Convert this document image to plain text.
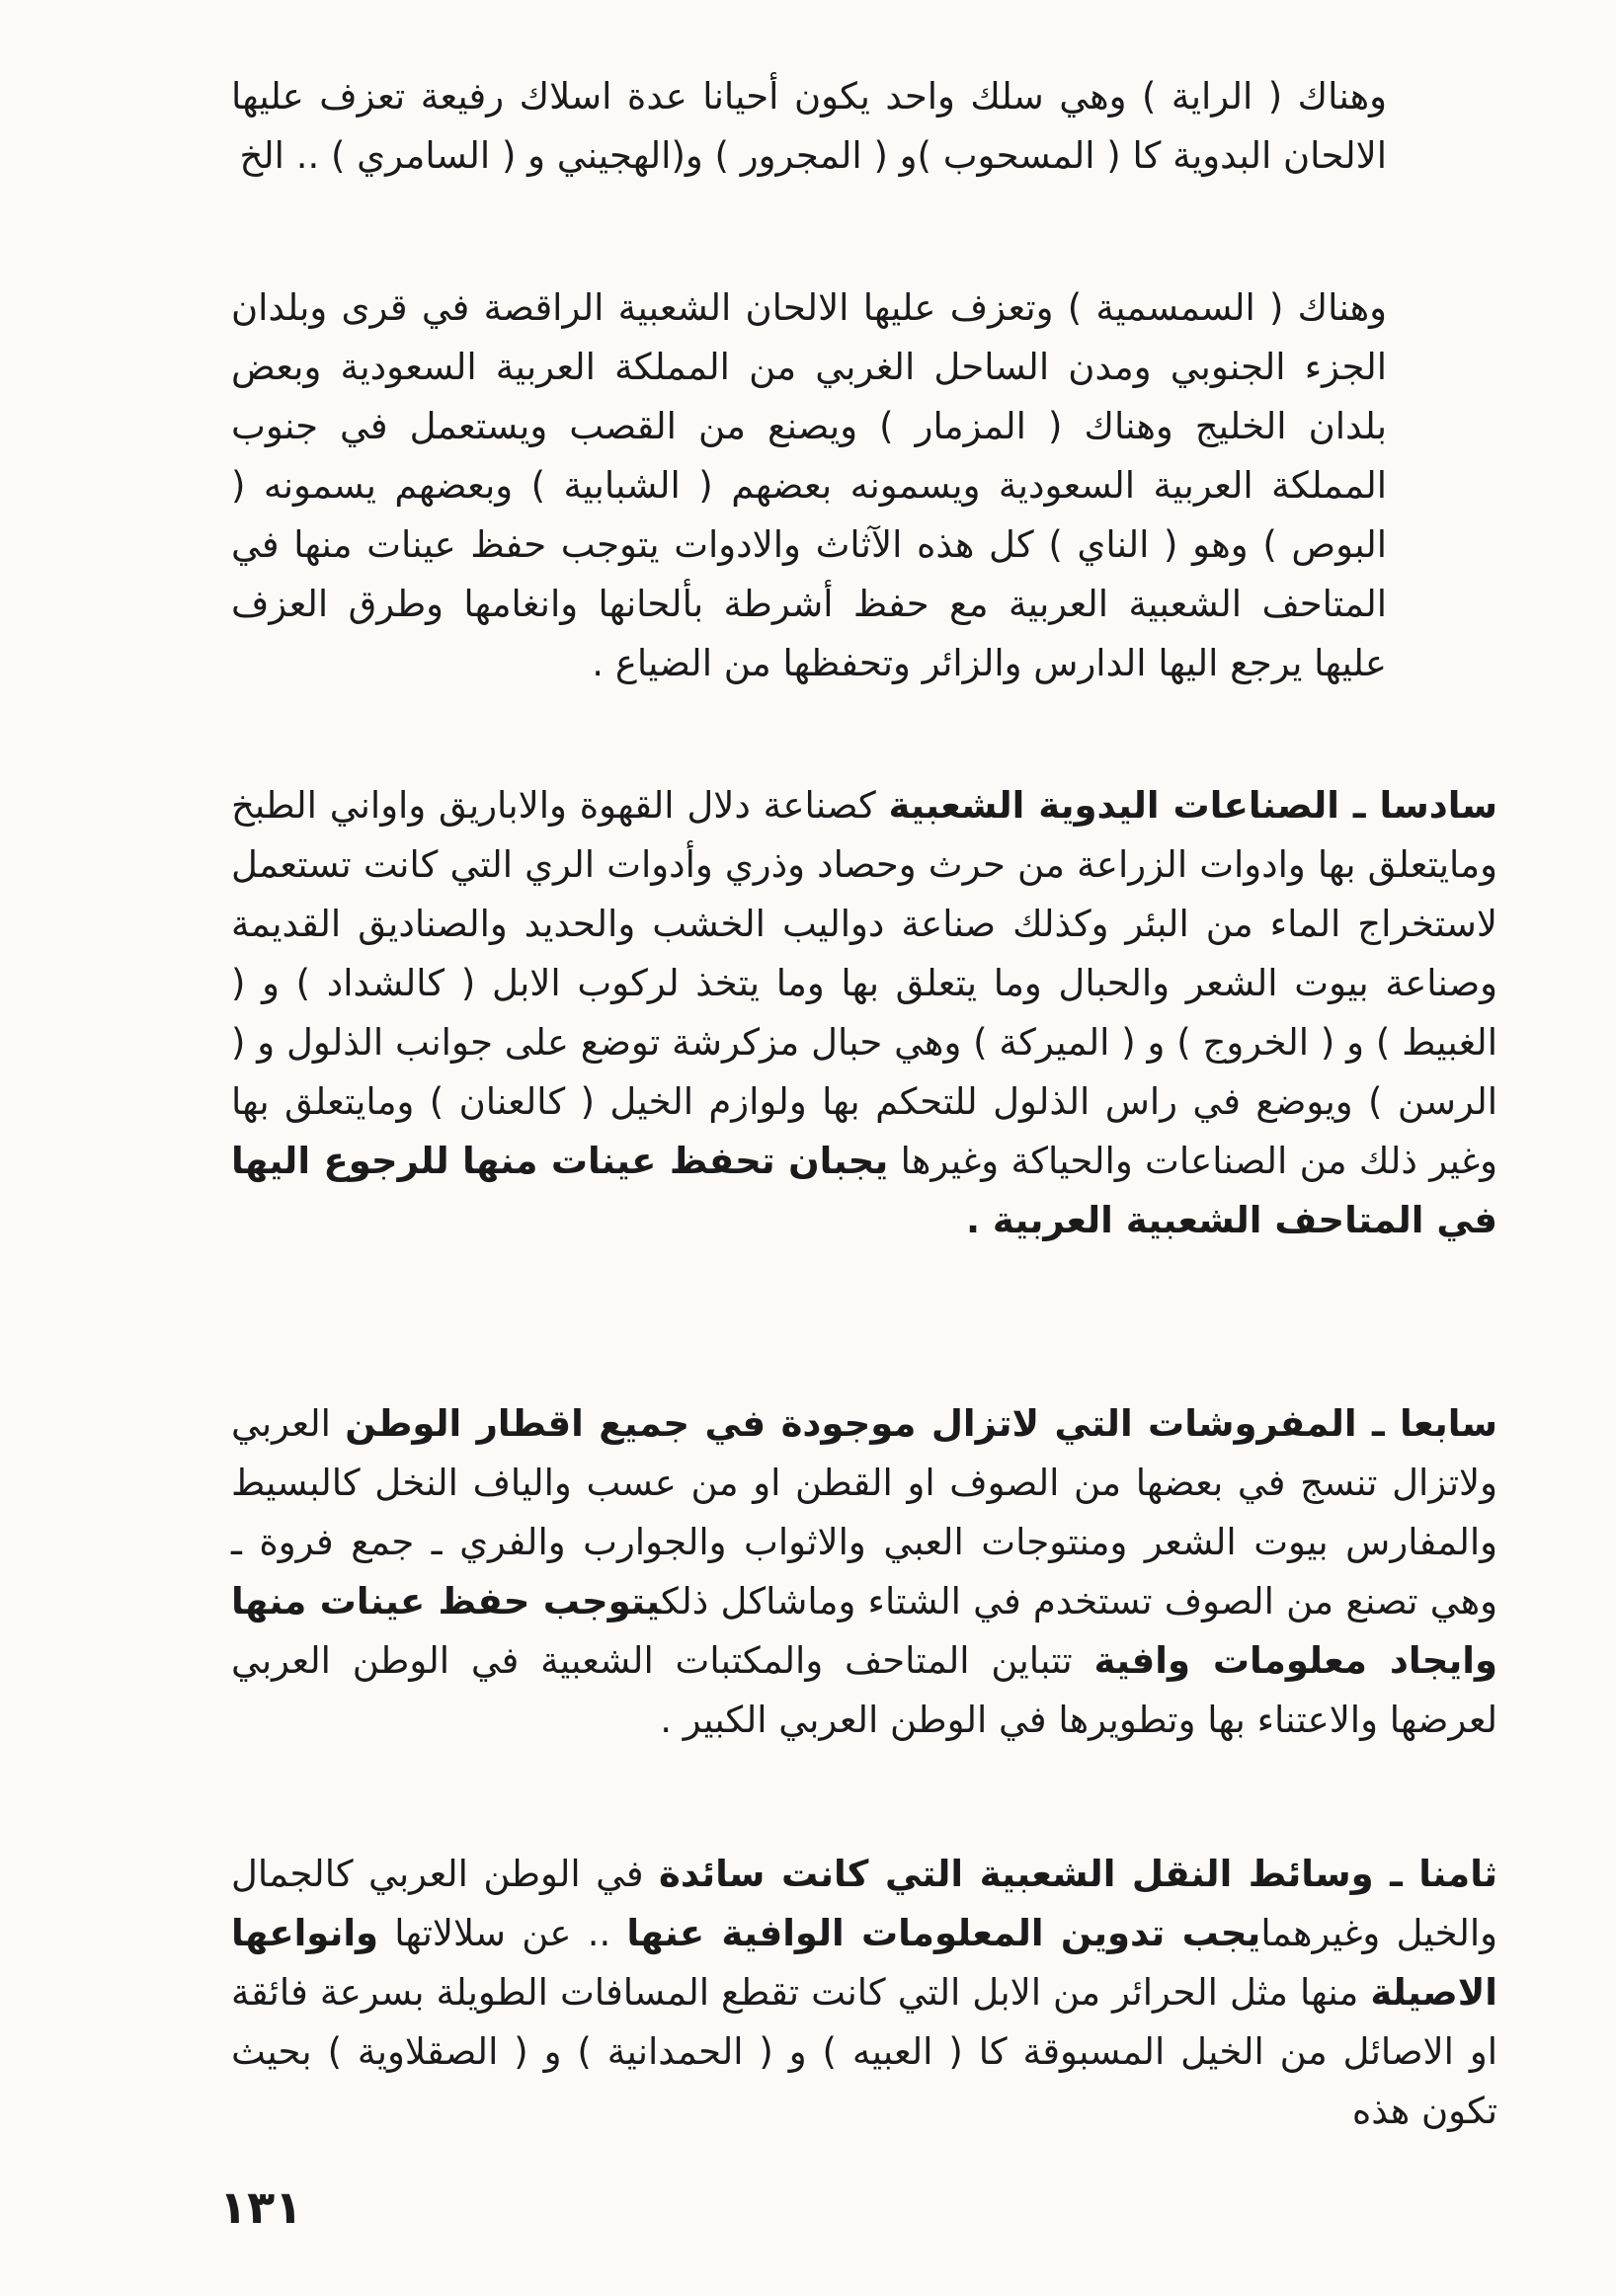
وهناك ( الراية ) وهي سلك واحد يكون أحيانا عدة اسلاك رفيعة تعزف عليها الالحان البدوية كا ( المسحوب )و ( المجرور ) و(الهجيني و ( السامري ) .. الخ

وهناك ( السمسمية ) وتعزف عليها الالحان الشعبية الراقصة في قرى وبلدان الجزء الجنوبي ومدن الساحل الغربي من المملكة العربية السعودية وبعض بلدان الخليج وهناك ( المزمار ) ويصنع من القصب ويستعمل في جنوب المملكة العربية السعودية ويسمونه بعضهم ( الشبابية ) وبعضهم يسمونه ( البوص ) وهو ( الناي ) كل هذه الآثاث والادوات يتوجب حفظ عينات منها في المتاحف الشعبية العربية مع حفظ أشرطة بألحانها وانغامها وطرق العزف عليها يرجع اليها الدارس والزائر وتحفظها من الضياع .

سادسا ـ الصناعات اليدوية الشعبية كصناعة دلال القهوة والاباريق واواني الطبخ ومايتعلق بها وادوات الزراعة من حرث وحصاد وذري وأدوات الري التي كانت تستعمل لاستخراج الماء من البئر وكذلك صناعة دواليب الخشب والحديد والصناديق القديمة وصناعة بيوت الشعر والحبال وما يتعلق بها وما يتخذ لركوب الابل ( كالشداد ) و ( الغبيط ) و ( الخروج ) و ( الميركة ) وهي حبال مزكرشة توضع على جوانب الذلول و ( الرسن ) ويوضع في راس الذلول للتحكم بها ولوازم الخيل ( كالعنان ) ومايتعلق بها وغير ذلك من الصناعات والحياكة وغيرها يجبان تحفظ عينات منها للرجوع اليها في المتاحف الشعبية العربية .

سابعا ـ المفروشات التي لاتزال موجودة في جميع اقطار الوطن العربي ولاتزال تنسج في بعضها من الصوف او القطن او من عسب والياف النخل كالبسيط والمفارس بيوت الشعر ومنتوجات العبي والاثواب والجوارب والفري ـ جمع فروة ـ وهي تصنع من الصوف تستخدم في الشتاء وماشاكل ذلكيتوجب حفظ عينات منها وايجاد معلومات وافية تتباين المتاحف والمكتبات الشعبية في الوطن العربي لعرضها والاعتناء بها وتطويرها في الوطن العربي الكبير .

ثامنا ـ وسائط النقل الشعبية التي كانت سائدة في الوطن العربي كالجمال والخيل وغيرهمايجب تدوين المعلومات الوافية عنها .. عن سلالاتها وانواعها الاصيلة منها مثل الحرائر من الابل التي كانت تقطع المسافات الطويلة بسرعة فائقة او الاصائل من الخيل المسبوقة كا ( العبيه ) و ( الحمدانية ) و ( الصقلاوية ) بحيث تكون هذه

١٣١
